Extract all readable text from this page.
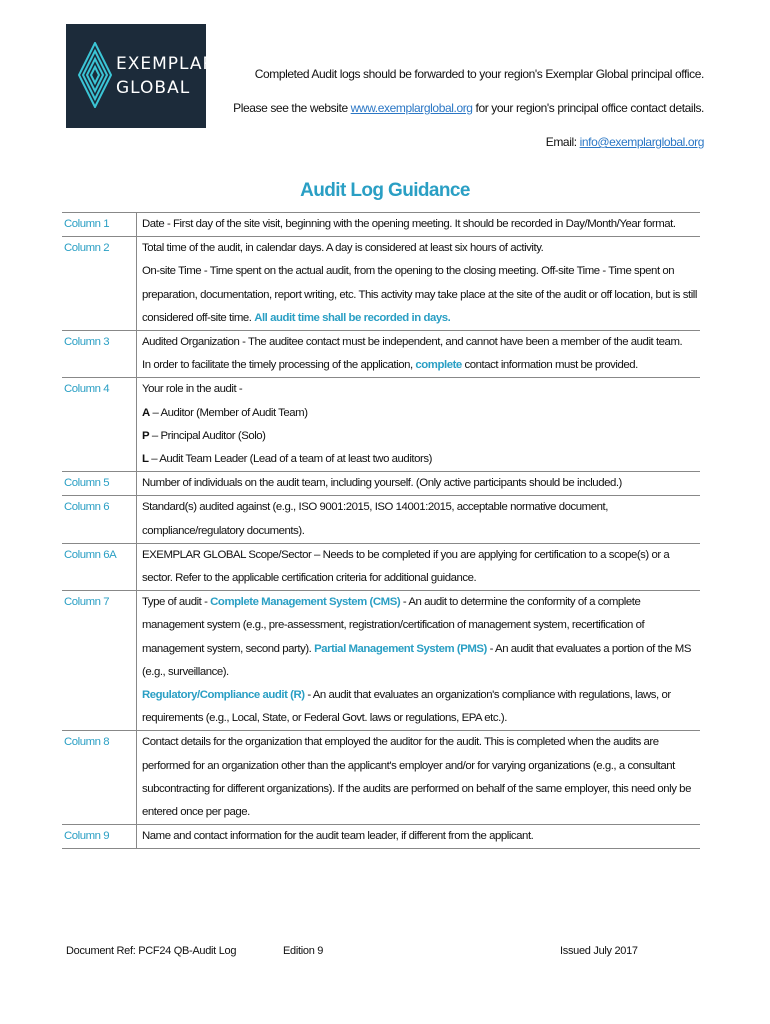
EXEMPLAR
GLOBAL
Completed Audit logs should be forwarded to your region's Exemplar Global principal office.
Please see the website www.exemplarglobal.org for your region's principal office contact details.
Email: info@exemplarglobal.org
Audit Log Guidance
Column 1	Date - First day of the site visit, beginning with the opening meeting. It should be recorded in Day/Month/Year format.
Column 2	Total time of the audit, in calendar days. A day is considered at least six hours of activity.
On-site Time - Time spent on the actual audit, from the opening to the closing meeting. Off-site Time - Time spent on preparation, documentation, report writing, etc. This activity may take place at the site of the audit or off location, but is still considered off-site time. All audit time shall be recorded in days.

Column 3	Audited Organization - The auditee contact must be independent, and cannot have been a member of the audit team.
In order to facilitate the timely processing of the application, complete contact information must be provided.

Column 4	Your role in the audit -
A – Auditor (Member of Audit Team)
P – Principal Auditor (Solo)
L – Audit Team Leader (Lead of a team of at least two auditors)

Column 5	Number of individuals on the audit team, including yourself. (Only active participants should be included.)
Column 6	Standard(s) audited against (e.g., ISO 9001:2015, ISO 14001:2015, acceptable normative document, compliance/regulatory documents).
Column 6A	EXEMPLAR GLOBAL Scope/Sector – Needs to be completed if you are applying for certification to a scope(s) or a sector. Refer to the applicable certification criteria for additional guidance.
Column 7	Type of audit - Complete Management System (CMS) - An audit to determine the conformity of a complete management system (e.g., pre-assessment, registration/certification of management system, recertification of management system, second party). Partial Management System (PMS) - An audit that evaluates a portion of the MS (e.g., surveillance).
Regulatory/Compliance audit (R) - An audit that evaluates an organization's compliance with regulations, laws, or requirements (e.g., Local, State, or Federal Govt. laws or regulations, EPA etc.).
Column 8	Contact details for the organization that employed the auditor for the audit. This is completed when the audits are performed for an organization other than the applicant's employer and/or for varying organizations (e.g., a consultant subcontracting for different organizations). If the audits are performed on behalf of the same employer, this need only be entered once per page.
Column 9	Name and contact information for the audit team leader, if different from the applicant.
Document Ref: PCF24 QB-Audit Log	Edition 9	Issued July 2017
